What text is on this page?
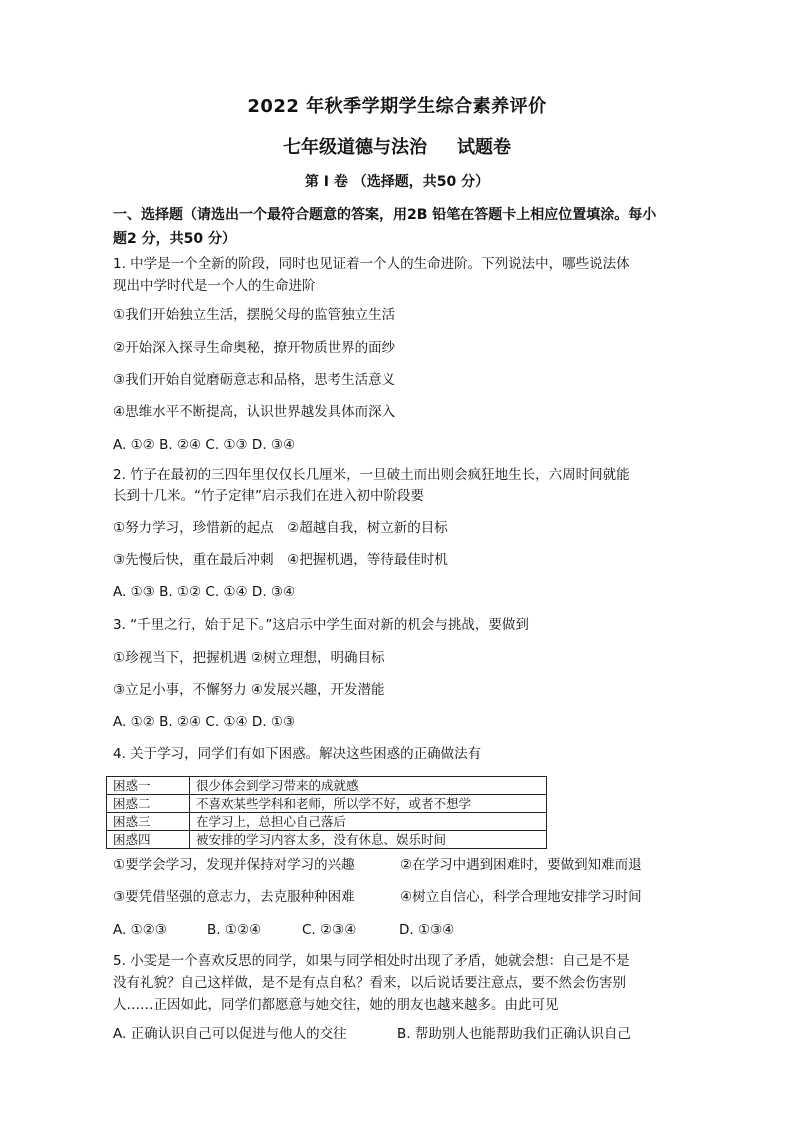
2022 年秋季学期学生综合素养评价
七年级道德与法治 试题卷
第 I 卷 （选择题，共50 分）
一、选择题（请选出一个最符合题意的答案，用2B 铅笔在答题卡上相应位置填涂。每小
题2 分，共50 分）
1. 中学是一个全新的阶段，同时也见证着一个人的生命进阶。下列说法中，哪些说法体
现出中学时代是一个人的生命进阶
①我们开始独立生活，摆脱父母的监管独立生活
②开始深入探寻生命奥秘，撩开物质世界的面纱
③我们开始自觉磨砺意志和品格，思考生活意义
④思维水平不断提高，认识世界越发具体而深入
A. ①② B. ②④ C. ①③ D. ③④
2. 竹子在最初的三四年里仅仅长几厘米，一旦破土而出则会疯狂地生长，六周时间就能
长到十几米。“竹子定律”启示我们在进入初中阶段要
①努力学习，珍惜新的起点　②超越自我，树立新的目标
③先慢后快，重在最后冲刺　④把握机遇，等待最佳时机
A. ①③ B. ①② C. ①④ D. ③④
3. “千里之行，始于足下。”这启示中学生面对新的机会与挑战，要做到
①珍视当下，把握机遇 ②树立理想，明确目标
③立足小事，不懈努力 ④发展兴趣，开发潜能
A. ①② B. ②④ C. ①④ D. ①③
4. 关于学习，同学们有如下困惑。解决这些困惑的正确做法有
困惑一	很少体会到学习带来的成就感
困惑二	不喜欢某些学科和老师，所以学不好，或者不想学
困惑三	在学习上，总担心自己落后
困惑四	被安排的学习内容太多，没有休息、娱乐时间
①要学会学习，发现并保持对学习的兴趣	②在学习中遇到困难时，要做到知难而退
③要凭借坚强的意志力，去克服种种困难	④树立自信心，科学合理地安排学习时间
A. ①②③	B. ①②④	C. ②③④	D. ①③④
5. 小雯是一个喜欢反思的同学，如果与同学相处时出现了矛盾，她就会想：自己是不是
没有礼貌？自己这样做，是不是有点自私？看来，以后说话要注意点，要不然会伤害别
人……正因如此，同学们都愿意与她交往，她的朋友也越来越多。由此可见
A. 正确认识自己可以促进与他人的交往	B. 帮助别人也能帮助我们正确认识自己
